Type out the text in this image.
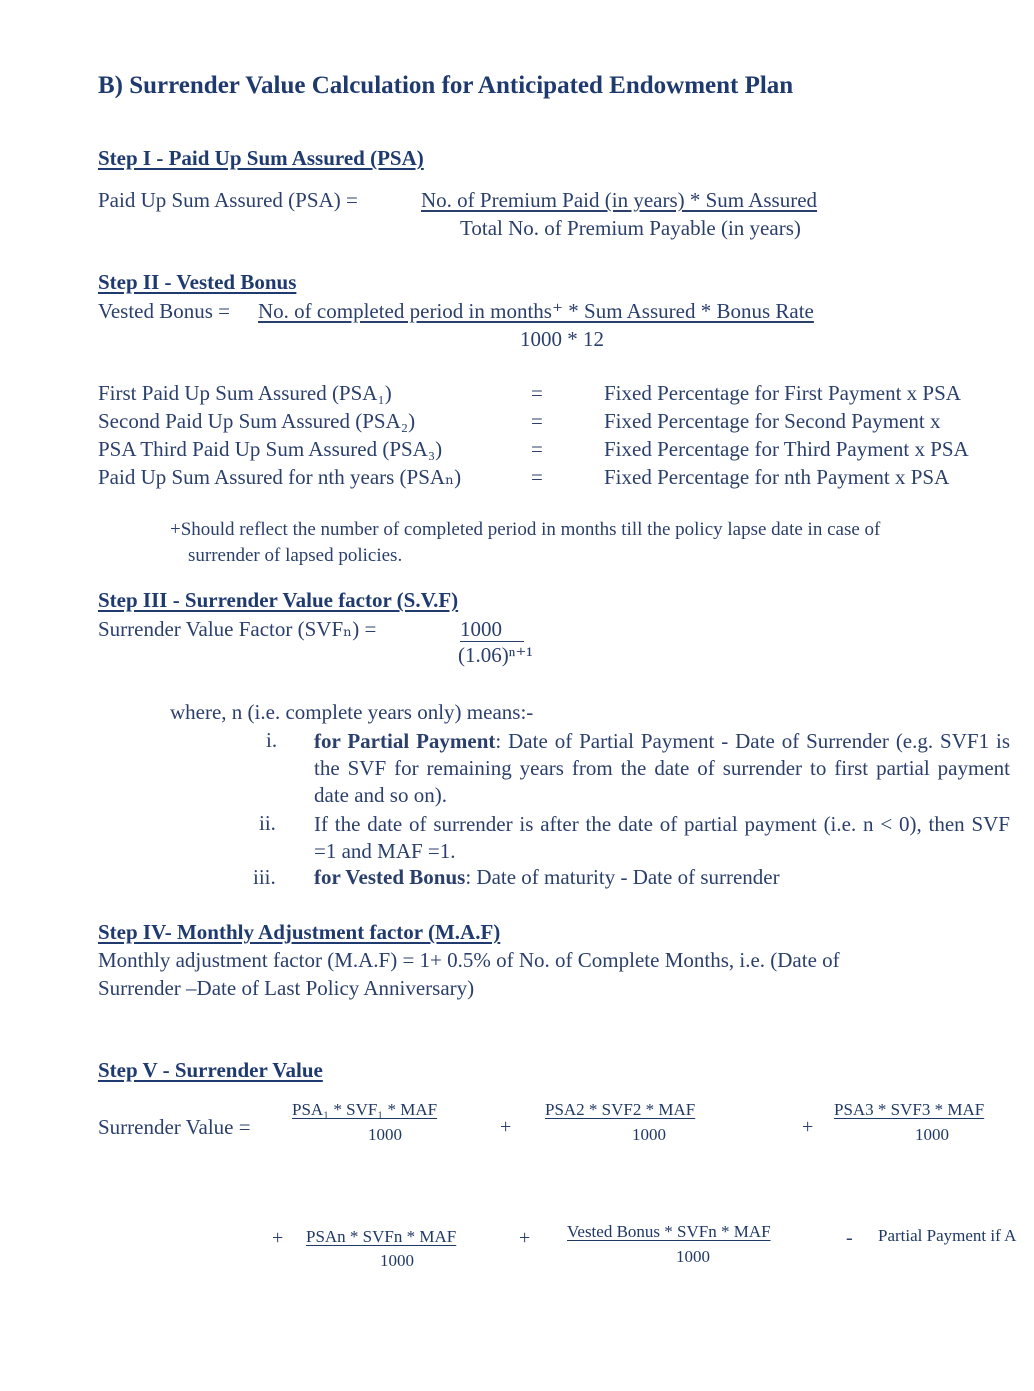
B) Surrender Value Calculation for Anticipated Endowment Plan
Step I - Paid Up Sum Assured (PSA)
Paid Up Sum Assured (PSA) =	No. of Premium Paid (in years) * Sum Assured
Total No. of Premium Payable (in years)
Step II - Vested Bonus
Vested Bonus = No. of completed period in months⁺ * Sum Assured * Bonus Rate
1000 * 12
First Paid Up Sum Assured (PSA₁)	=	Fixed Percentage for First Payment x PSA
Second Paid Up Sum Assured (PSA₂)	=	Fixed Percentage for Second Payment x
PSA Third Paid Up Sum Assured (PSA₃)	=	Fixed Percentage for Third Payment x PSA
Paid Up Sum Assured for nth years (PSAₙ)	=	Fixed Percentage for nth Payment x PSA
+Should reflect the number of completed period in months till the policy lapse date in case of
surrender of lapsed policies.
Step III - Surrender Value factor (S.V.F)
Surrender Value Factor (SVFₙ) =	1000
(1.06)ⁿ⁺¹
where, n (i.e. complete years only) means:-
i. for Partial Payment: Date of Partial Payment - Date of Surrender (e.g. SVF1 is the SVF for remaining years from the date of surrender to first partial payment date and so on).
ii. If the date of surrender is after the date of partial payment (i.e. n < 0), then SVF =1 and MAF =1.
iii. for Vested Bonus: Date of maturity - Date of surrender
Step IV- Monthly Adjustment factor (M.A.F)
Monthly adjustment factor (M.A.F) = 1+ 0.5% of No. of Complete Months, i.e. (Date of
Surrender –Date of Last Policy Anniversary)
Step V - Surrender Value
Surrender Value =
PSA₁ * SVF₁ * MAF
1000	+
PSA2 * SVF2 * MAF
1000	+
PSA3 * SVF3 * MAF
1000
+ PSAn * SVFn * MAF
1000
+ Vested Bonus * SVFn * MAF
1000
- Partial Payment if A
